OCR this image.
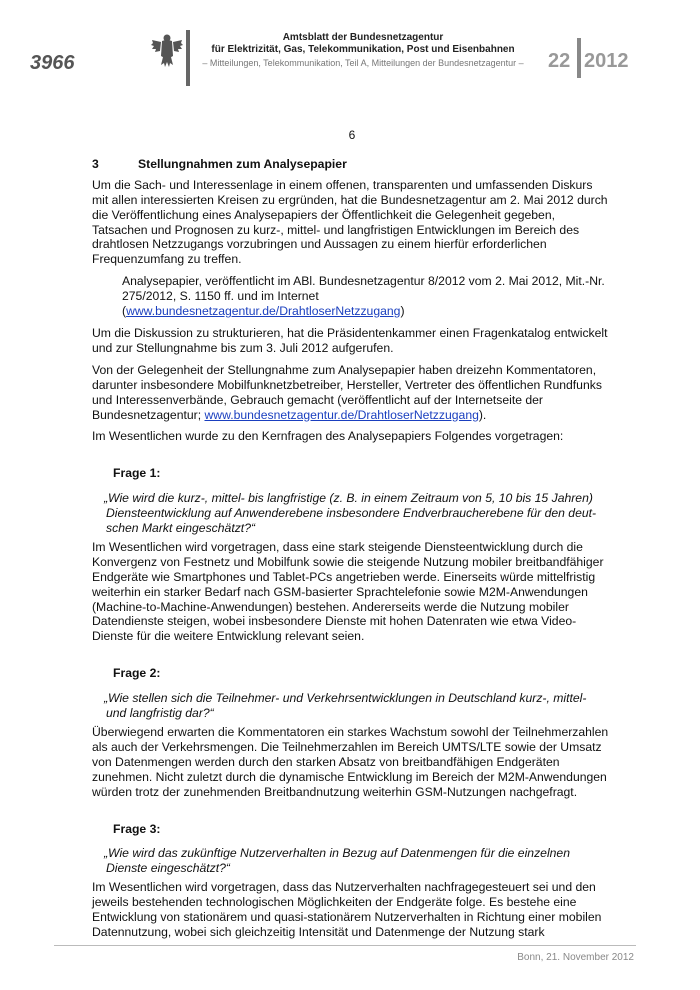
3966
Amtsblatt der Bundesnetzagentur
für Elektrizität, Gas, Telekommunikation, Post und Eisenbahnen
– Mitteilungen, Telekommunikation, Teil A, Mitteilungen der Bundesnetzagentur –	22 2012
6
3	Stellungnahmen zum Analysepapier

Um die Sach- und Interessenlage in einem offenen, transparenten und umfassenden Diskurs mit allen interessierten Kreisen zu ergründen, hat die Bundesnetzagentur am 2. Mai 2012 durch die Veröffentlichung eines Analysepapiers der Öffentlichkeit die Gelegenheit gegeben, Tatsachen und Prognosen zu kurz-, mittel- und langfristigen Entwicklungen im Bereich des drahtlosen Netzzugangs vorzubringen und Aussagen zu einem hierfür erforderlichen Frequenzumfang zu treffen.

Analysepapier, veröffentlicht im ABl. Bundesnetzagentur 8/2012 vom 2. Mai 2012, Mit.-Nr. 275/2012, S. 1150 ff. und im Internet
(www.bundesnetzagentur.de/DrahtloserNetzzugang)

Um die Diskussion zu strukturieren, hat die Präsidentenkammer einen Fragenkatalog entwickelt und zur Stellungnahme bis zum 3. Juli 2012 aufgerufen.

Von der Gelegenheit der Stellungnahme zum Analysepapier haben dreizehn Kommentatoren, darunter insbesondere Mobilfunknetzbetreiber, Hersteller, Vertreter des öffentlichen Rundfunks und Interessenverbände, Gebrauch gemacht (veröffentlicht auf der Internetseite der Bundesnetzagentur; www.bundesnetzagentur.de/DrahtloserNetzzugang).

Im Wesentlichen wurde zu den Kernfragen des Analysepapiers Folgendes vorgetragen:

Frage 1:
„Wie wird die kurz-, mittel- bis langfristige (z. B. in einem Zeitraum von 5, 10 bis 15 Jahren)
Diensteentwicklung auf Anwenderebene insbesondere Endverbraucherebene für den deut-
schen Markt eingeschätzt?“

Im Wesentlichen wird vorgetragen, dass eine stark steigende Diensteentwicklung durch die Konvergenz von Festnetz und Mobilfunk sowie die steigende Nutzung mobiler breitbandfähiger Endgeräte wie Smartphones und Tablet-PCs angetrieben werde. Einerseits würde mittelfristig weiterhin ein starker Bedarf nach GSM-basierter Sprachtelefonie sowie M2M-Anwendungen (Machine-to-Machine-Anwendungen) bestehen. Andererseits werde die Nutzung mobiler Datendienste steigen, wobei insbesondere Dienste mit hohen Datenraten wie etwa Video-Dienste für die weitere Entwicklung relevant seien.

Frage 2:
„Wie stellen sich die Teilnehmer- und Verkehrsentwicklungen in Deutschland kurz-, mittel-
und langfristig dar?“

Überwiegend erwarten die Kommentatoren ein starkes Wachstum sowohl der Teilnehmerzahlen als auch der Verkehrsmengen. Die Teilnehmerzahlen im Bereich UMTS/LTE sowie der Umsatz von Datenmengen werden durch den starken Absatz von breitbandfähigen Endgeräten zunehmen. Nicht zuletzt durch die dynamische Entwicklung im Bereich der M2M-Anwendungen würden trotz der zunehmenden Breitbandnutzung weiterhin GSM-Nutzungen nachgefragt.

Frage 3:
„Wie wird das zukünftige Nutzerverhalten in Bezug auf Datenmengen für die einzelnen
Dienste eingeschätzt?“

Im Wesentlichen wird vorgetragen, dass das Nutzerverhalten nachfragegesteuert sei und den jeweils bestehenden technologischen Möglichkeiten der Endgeräte folge. Es bestehe eine Entwicklung von stationärem und quasi-stationärem Nutzerverhalten in Richtung einer mobilen Datennutzung, wobei sich gleichzeitig Intensität und Datenmenge der Nutzung stark

Bonn, 21. November 2012
